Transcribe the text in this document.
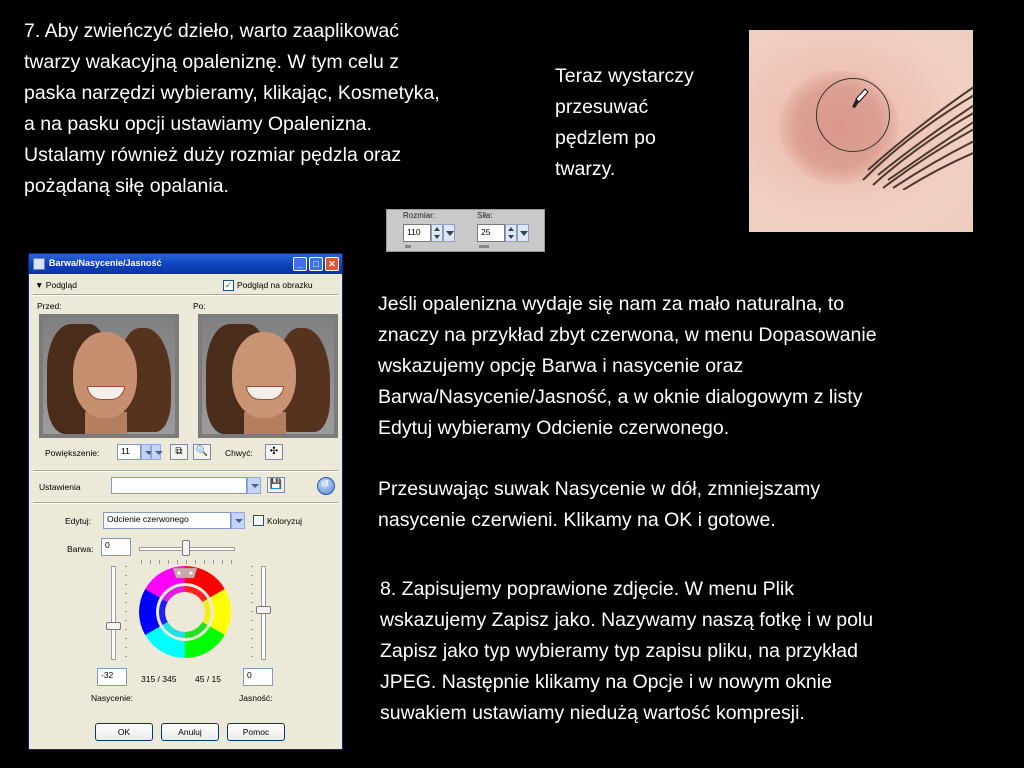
7. Aby zwieńczyć dzieło, warto zaaplikować
twarzy wakacyjną opaleniznę. W tym celu z
paska narzędzi wybieramy, klikając, Kosmetyka,
a na pasku opcji ustawiamy Opalenizna.
Ustalamy również duży rozmiar pędzla oraz
pożądaną siłę opalania.
Teraz wystarczy
przesuwać
pędzlem po
twarzy.
Jeśli opalenizna wydaje się nam za mało naturalna, to
znaczy na przykład zbyt czerwona, w menu Dopasowanie
wskazujemy opcję Barwa i nasycenie oraz
Barwa/Nasycenie/Jasność, a w oknie dialogowym z listy
Edytuj wybieramy Odcienie czerwonego.
Przesuwając suwak Nasycenie w dół, zmniejszamy
nasycenie czerwieni. Klikamy na OK i gotowe.
8. Zapisujemy poprawione zdjęcie. W menu Plik
wskazujemy Zapisz jako. Nazywamy naszą fotkę i w polu
Zapisz jako typ wybieramy typ zapisu pliku, na przykład
JPEG. Następnie klikamy na Opcje i w nowym oknie
suwakiem ustawiamy niedużą wartość kompresji.
Rozmiar:	Siła:
110	25
Barwa/Nasycenie/Jasność	_	□	✕
▼ Podgląd	✓ Podgląd na obrazku
Przed:	Po:
Powiększenie:	11	⧉	🔍	Chwyć:	✣
Ustawienia	💾	↺
Edytuj:	Odcienie czerwonego	Koloryzuj
Barwa:	0
-32	315 / 345 45 / 15	0
Nasycenie:	Jasność:
OK	Anuluj	Pomoc
